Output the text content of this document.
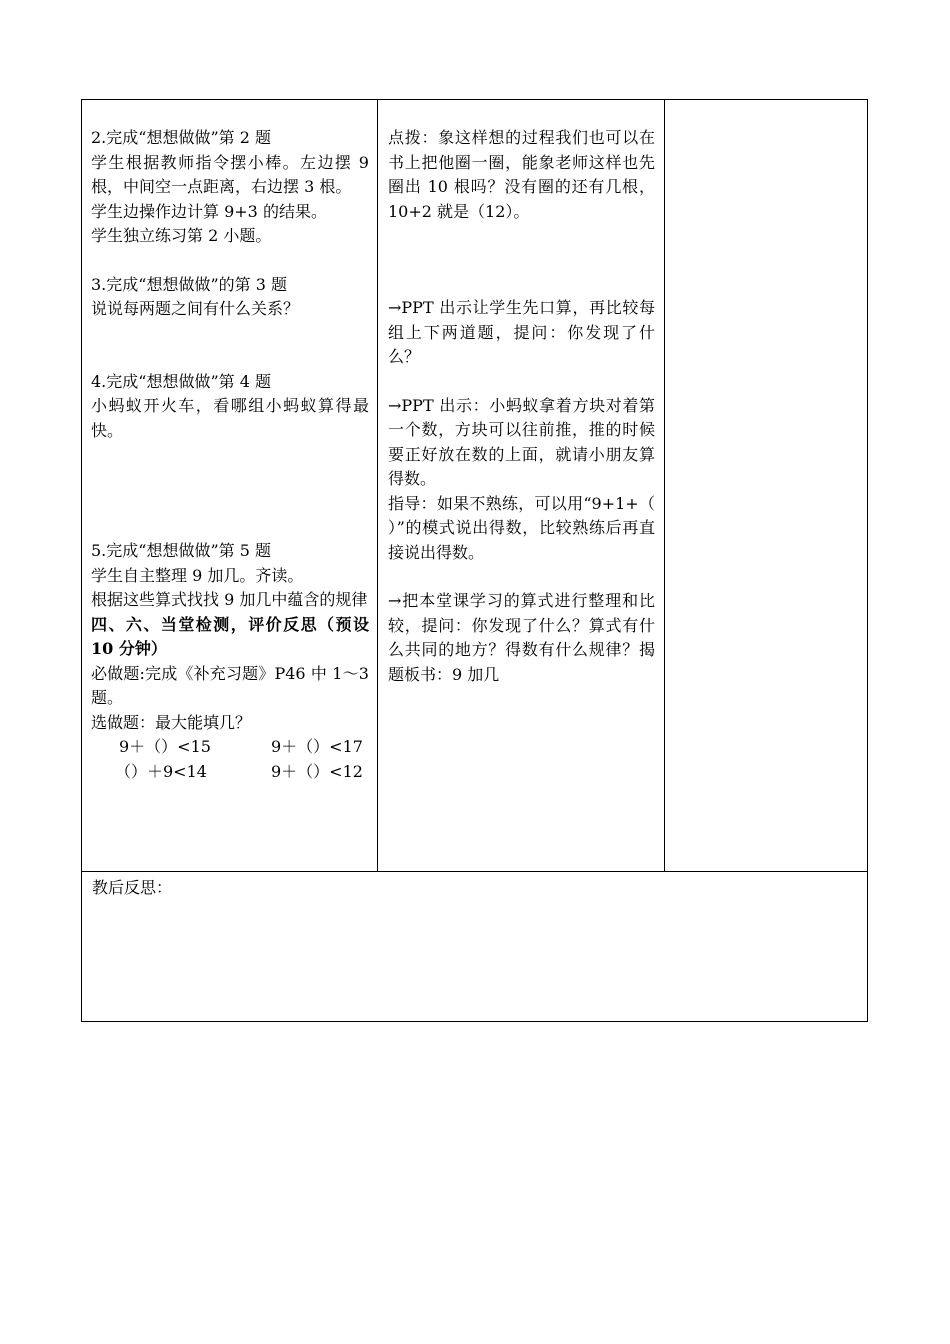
2.完成“想想做做”第 2 题

学生根据教师指令摆小棒。左边摆 9 根，中间空一点距离，右边摆 3 根。

学生边操作边计算 9+3 的结果。

学生独立练习第 2 小题。

3.完成“想想做做”的第 3 题

说说每两题之间有什么关系？

4.完成“想想做做”第 4 题

小蚂蚁开火车，看哪组小蚂蚁算得最快。

5.完成“想想做做”第 5 题

学生自主整理 9 加几。齐读。

根据这些算式找找 9 加几中蕴含的规律

四、六、当堂检测，评价反思（预设 10 分钟）

必做题:完成《补充习题》P46 中 1～3 题。

选做题：最大能填几？

9＋（）<15	9＋（）<17
（）＋9<14	9＋（）<12

点拨：象这样想的过程我们也可以在书上把他圈一圈，能象老师这样也先圈出 10 根吗？没有圈的还有几根，10+2 就是（12）。

→PPT 出示让学生先口算，再比较每组上下两道题，提问：你发现了什么？

→PPT 出示：小蚂蚁拿着方块对着第一个数，方块可以往前推，推的时候要正好放在数的上面，就请小朋友算得数。

指导：如果不熟练，可以用“9+1+（ ）”的模式说出得数，比较熟练后再直接说出得数。

→把本堂课学习的算式进行整理和比较，提问：你发现了什么？算式有什么共同的地方？得数有什么规律？揭题板书：9 加几

教后反思：
